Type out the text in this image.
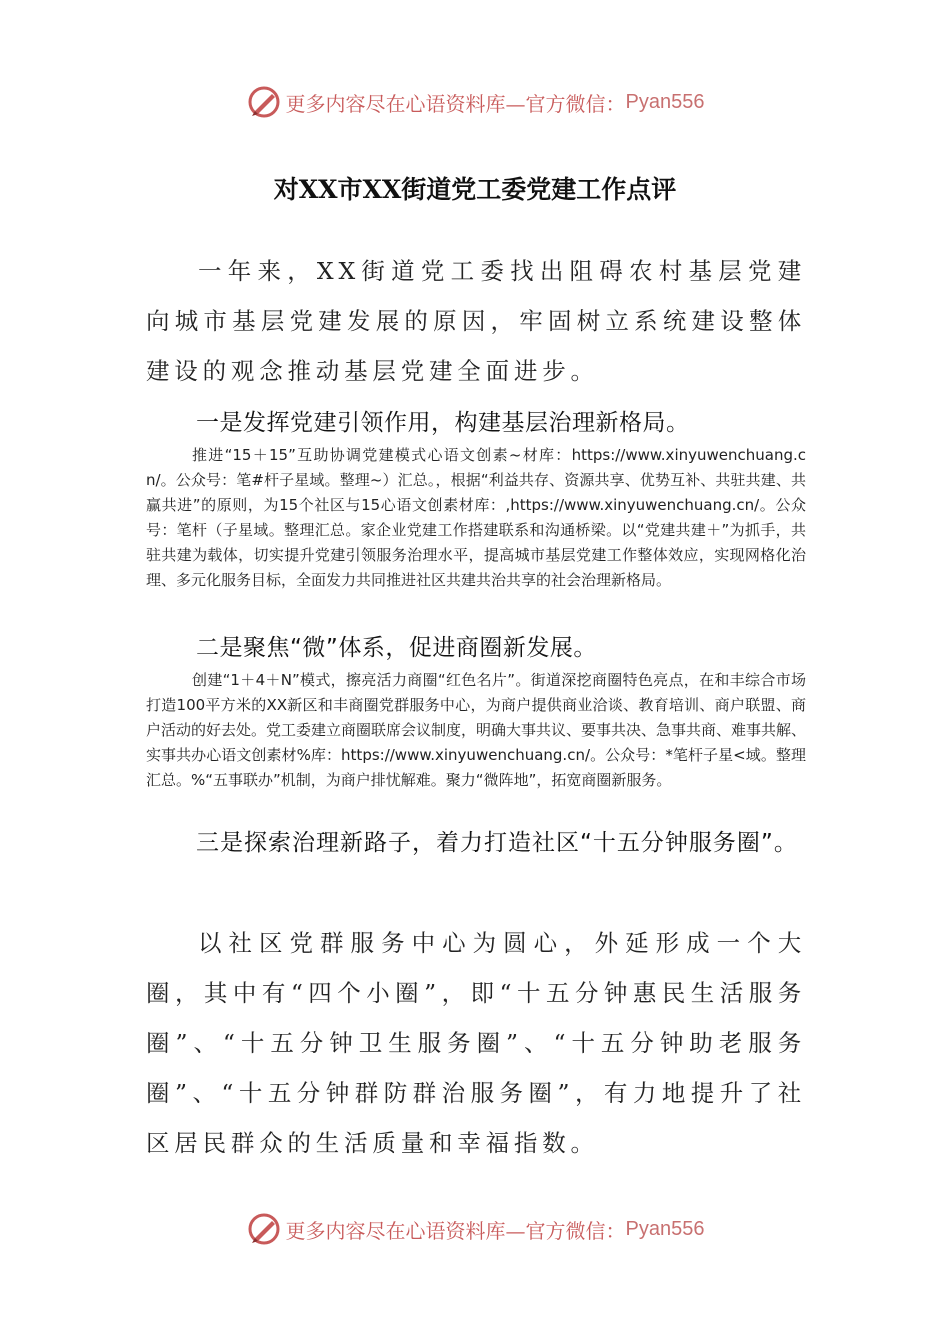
更多内容尽在心语资料库—官方微信： Pyan556
对XX市XX街道党工委党建工作点评

一年来，XX街道党工委找出阻碍农村基层党建向城市基层党建发展的原因，牢固树立系统建设整体建设的观念推动基层党建全面进步。

一是发挥党建引领作用，构建基层治理新格局。

推进“15＋15”互助协调党建模式心语文创素~材库：https://www.xinyuwenchuang.cn/。公众号：笔#杆子星域。整理~）汇总。，根据“利益共存、资源共享、优势互补、共驻共建、共赢共进”的原则，为15个社区与15心语文创素材库：,https://www.xinyuwenchuang.cn/。公众号：笔杆（子星域。整理汇总。家企业党建工作搭建联系和沟通桥梁。以“党建共建＋”为抓手，共驻共建为载体，切实提升党建引领服务治理水平，提高城市基层党建工作整体效应，实现网格化治理、多元化服务目标，全面发力共同推进社区共建共治共享的社会治理新格局。

二是聚焦“微”体系，促进商圈新发展。

创建“1＋4＋N”模式，擦亮活力商圈“红色名片”。街道深挖商圈特色亮点，在和丰综合市场打造100平方米的XX新区和丰商圈党群服务中心，为商户提供商业洽谈、教育培训、商户联盟、商户活动的好去处。党工委建立商圈联席会议制度，明确大事共议、要事共决、急事共商、难事共解、实事共办心语文创素材%库：https://www.xinyuwenchuang.cn/。公众号：*笔杆子星<域。整理汇总。%“五事联办”机制，为商户排忧解难。聚力“微阵地”，拓宽商圈新服务。

三是探索治理新路子，着力打造社区“十五分钟服务圈”。

以社区党群服务中心为圆心，外延形成一个大圈，其中有“四个小圈”，即“十五分钟惠民生活服务圈”、“十五分钟卫生服务圈”、“十五分钟助老服务圈”、“十五分钟群防群治服务圈”，有力地提升了社区居民群众的生活质量和幸福指数。

更多内容尽在心语资料库—官方微信： Pyan556
